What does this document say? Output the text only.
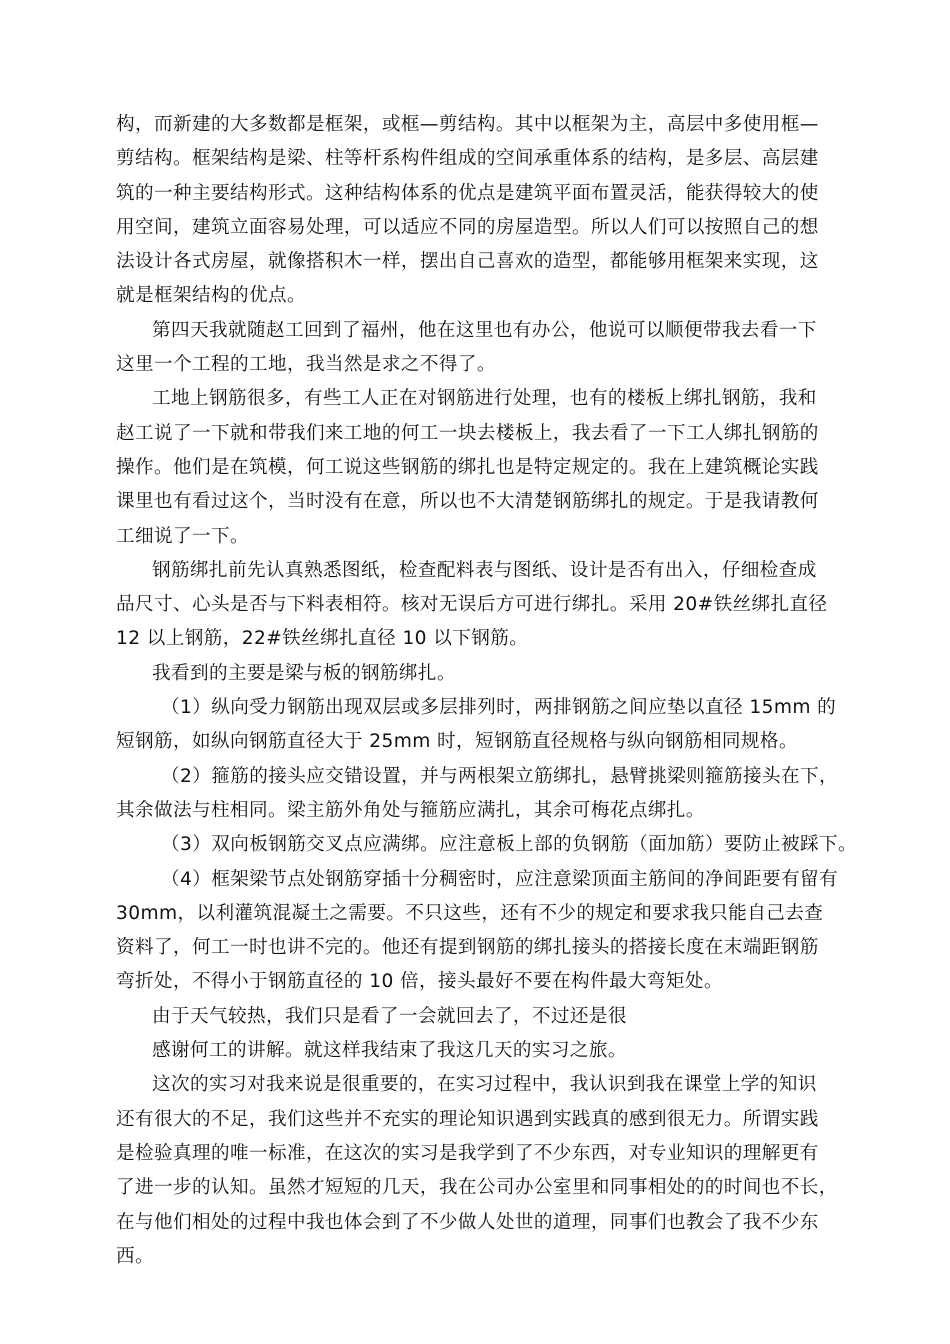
构，而新建的大多数都是框架，或框—剪结构。其中以框架为主，高层中多使用框—
剪结构。框架结构是梁、柱等杆系构件组成的空间承重体系的结构，是多层、高层建
筑的一种主要结构形式。这种结构体系的优点是建筑平面布置灵活，能获得较大的使
用空间，建筑立面容易处理，可以适应不同的房屋造型。所以人们可以按照自己的想
法设计各式房屋，就像搭积木一样，摆出自己喜欢的造型，都能够用框架来实现，这
就是框架结构的优点。
第四天我就随赵工回到了福州，他在这里也有办公，他说可以顺便带我去看一下
这里一个工程的工地，我当然是求之不得了。
工地上钢筋很多，有些工人正在对钢筋进行处理，也有的楼板上绑扎钢筋，我和
赵工说了一下就和带我们来工地的何工一块去楼板上，我去看了一下工人绑扎钢筋的
操作。他们是在筑模，何工说这些钢筋的绑扎也是特定规定的。我在上建筑概论实践
课里也有看过这个，当时没有在意，所以也不大清楚钢筋绑扎的规定。于是我请教何
工细说了一下。
钢筋绑扎前先认真熟悉图纸，检查配料表与图纸、设计是否有出入，仔细检查成
品尺寸、心头是否与下料表相符。核对无误后方可进行绑扎。采用 20#铁丝绑扎直径
12 以上钢筋，22#铁丝绑扎直径 10 以下钢筋。
我看到的主要是梁与板的钢筋绑扎。
（1）纵向受力钢筋出现双层或多层排列时，两排钢筋之间应垫以直径 15mm 的
短钢筋，如纵向钢筋直径大于 25mm 时，短钢筋直径规格与纵向钢筋相同规格。
（2）箍筋的接头应交错设置，并与两根架立筋绑扎，悬臂挑梁则箍筋接头在下，
其余做法与柱相同。梁主筋外角处与箍筋应满扎，其余可梅花点绑扎。
（3）双向板钢筋交叉点应满绑。应注意板上部的负钢筋（面加筋）要防止被踩下。
（4）框架梁节点处钢筋穿插十分稠密时，应注意梁顶面主筋间的净间距要有留有
30mm，以利灌筑混凝土之需要。不只这些，还有不少的规定和要求我只能自己去查
资料了，何工一时也讲不完的。他还有提到钢筋的绑扎接头的搭接长度在末端距钢筋
弯折处，不得小于钢筋直径的 10 倍，接头最好不要在构件最大弯矩处。
由于天气较热，我们只是看了一会就回去了，不过还是很
感谢何工的讲解。就这样我结束了我这几天的实习之旅。
这次的实习对我来说是很重要的，在实习过程中，我认识到我在课堂上学的知识
还有很大的不足，我们这些并不充实的理论知识遇到实践真的感到很无力。所谓实践
是检验真理的唯一标准，在这次的实习是我学到了不少东西，对专业知识的理解更有
了进一步的认知。虽然才短短的几天，我在公司办公室里和同事相处的的时间也不长，
在与他们相处的过程中我也体会到了不少做人处世的道理，同事们也教会了我不少东
西。
